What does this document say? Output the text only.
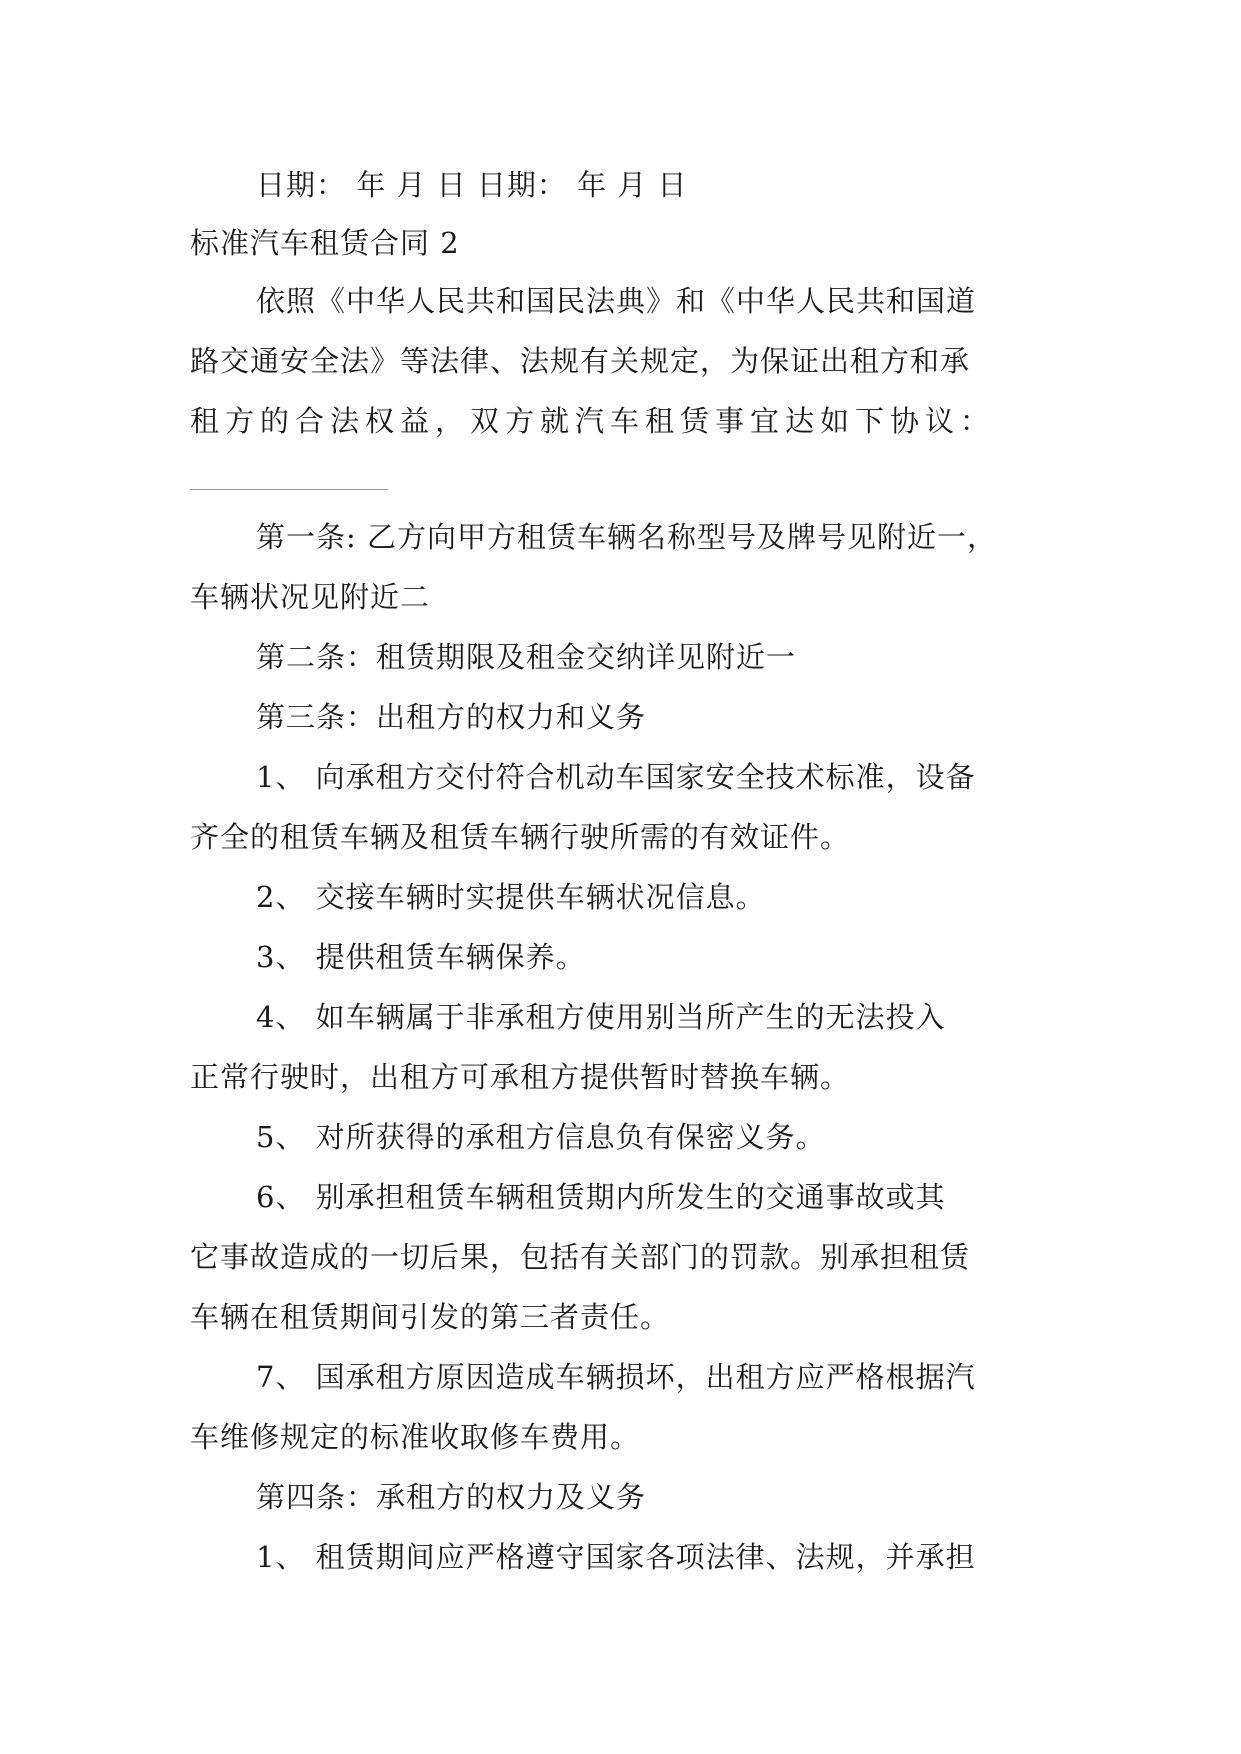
日期： 年 月 日 日期： 年 月 日
标准汽车租赁合同 2
依照《中华人民共和国民法典》和《中华人民共和国道
路交通安全法》等法律、法规有关规定，为保证出租方和承
租方的合法权益，双方就汽车租赁事宜达如下协议：
第一条: 乙方向甲方租赁车辆名称型号及牌号见附近一，
车辆状况见附近二
第二条：租赁期限及租金交纳详见附近一
第三条：出租方的权力和义务
1、 向承租方交付符合机动车国家安全技术标准，设备
齐全的租赁车辆及租赁车辆行驶所需的有效证件。
2、 交接车辆时实提供车辆状况信息。
3、 提供租赁车辆保养。
4、 如车辆属于非承租方使用别当所产生的无法投入
正常行驶时，出租方可承租方提供暂时替换车辆。
5、 对所获得的承租方信息负有保密义务。
6、 别承担租赁车辆租赁期内所发生的交通事故或其
它事故造成的一切后果，包括有关部门的罚款。别承担租赁
车辆在租赁期间引发的第三者责任。
7、 国承租方原因造成车辆损坏，出租方应严格根据汽
车维修规定的标准收取修车费用。
第四条：承租方的权力及义务
1、 租赁期间应严格遵守国家各项法律、法规，并承担
